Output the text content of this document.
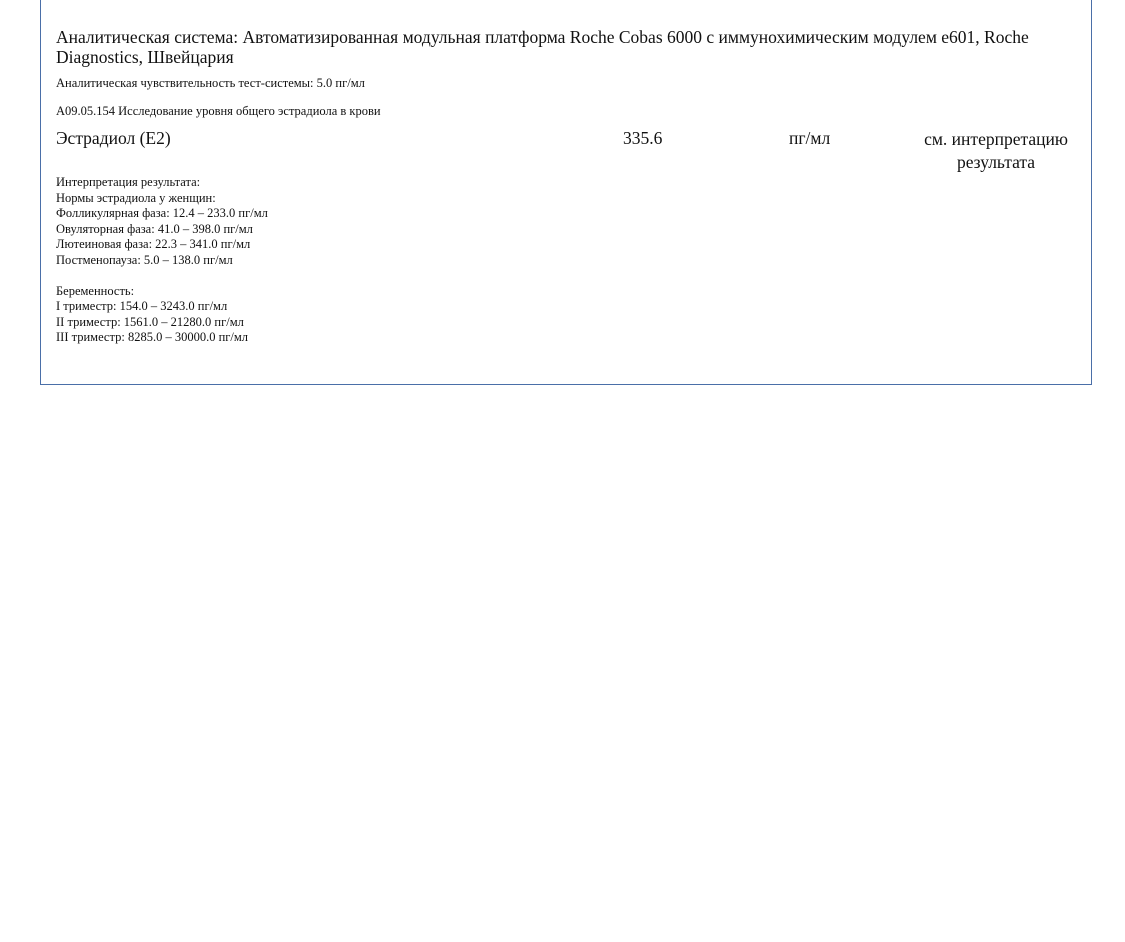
Аналитическая система: Автоматизированная модульная платформа Roche Cobas 6000 с иммунохимическим модулем e601, Roche Diagnostics, Швейцария
Аналитическая чувствительность тест-системы: 5.0 пг/мл
A09.05.154 Исследование уровня общего эстрадиола в крови
Эстрадиол (E2)	335.6	пг/мл	см. интерпретацию результата
Интерпретация результата:
Нормы эстрадиола у женщин:
Фолликулярная фаза: 12.4 – 233.0 пг/мл
Овуляторная фаза: 41.0 – 398.0 пг/мл
Лютеиновая фаза: 22.3 – 341.0 пг/мл
Постменопауза: 5.0 – 138.0 пг/мл
Беременность:
I триместр: 154.0 – 3243.0 пг/мл
II триместр: 1561.0 – 21280.0 пг/мл
III триместр: 8285.0 – 30000.0 пг/мл
